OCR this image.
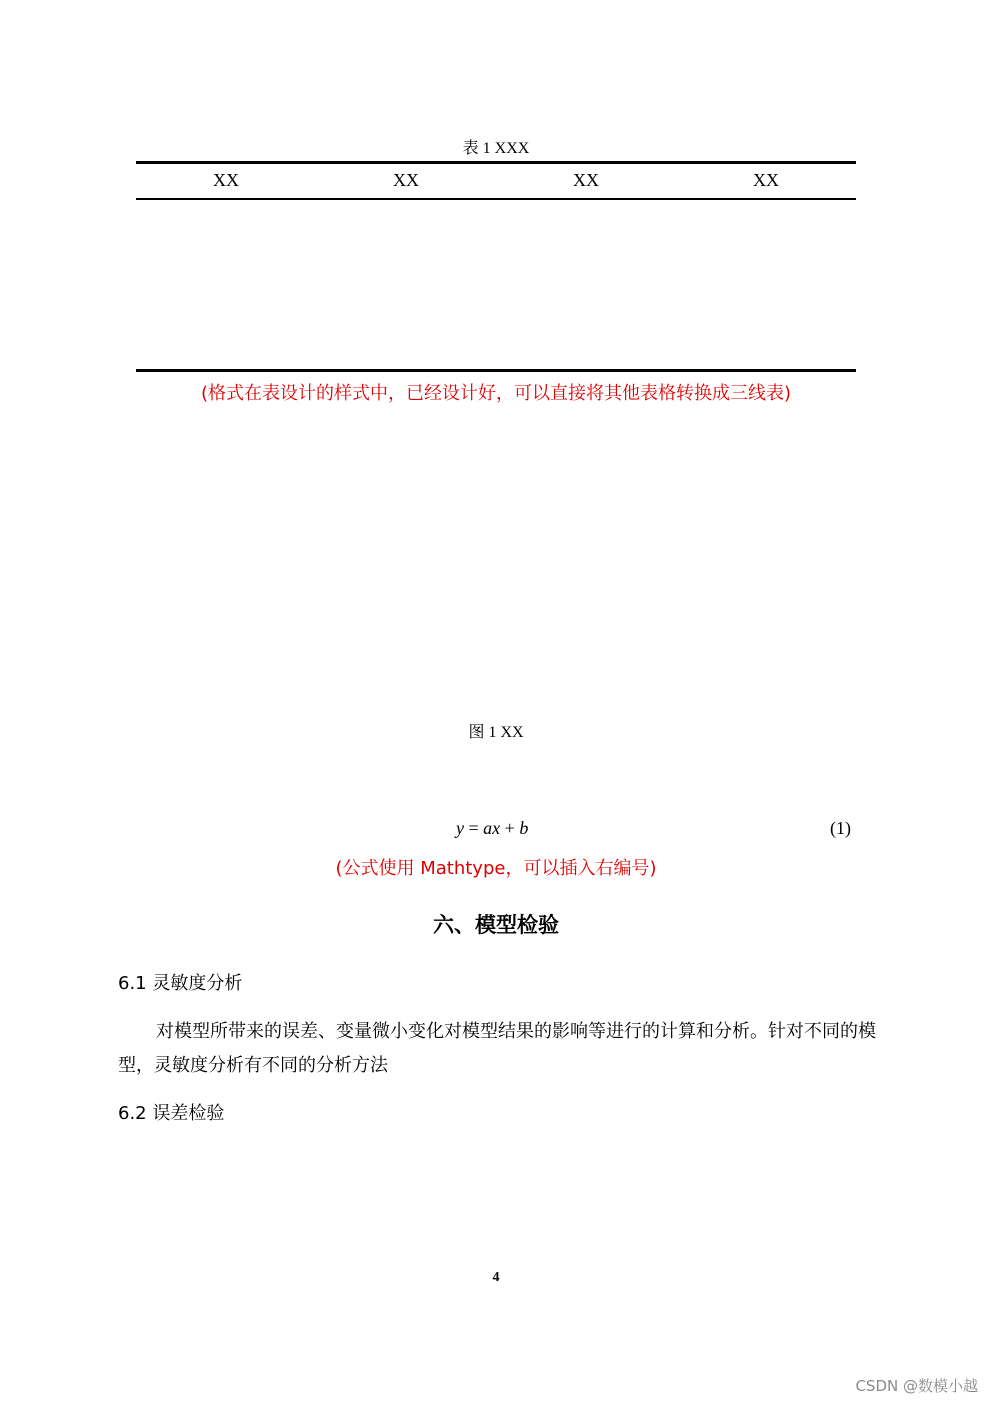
表 1 XXX
XX	XX	XX	XX
(格式在表设计的样式中，已经设计好，可以直接将其他表格转换成三线表)
图 1 XX
y = ax + b	(1)
(公式使用 Mathtype，可以插入右编号)
六、模型检验
6.1 灵敏度分析
对模型所带来的误差、变量微小变化对模型结果的影响等进行的计算和分析。针对不同的模型，灵敏度分析有不同的分析方法
6.2 误差检验
4
CSDN @数模小越
